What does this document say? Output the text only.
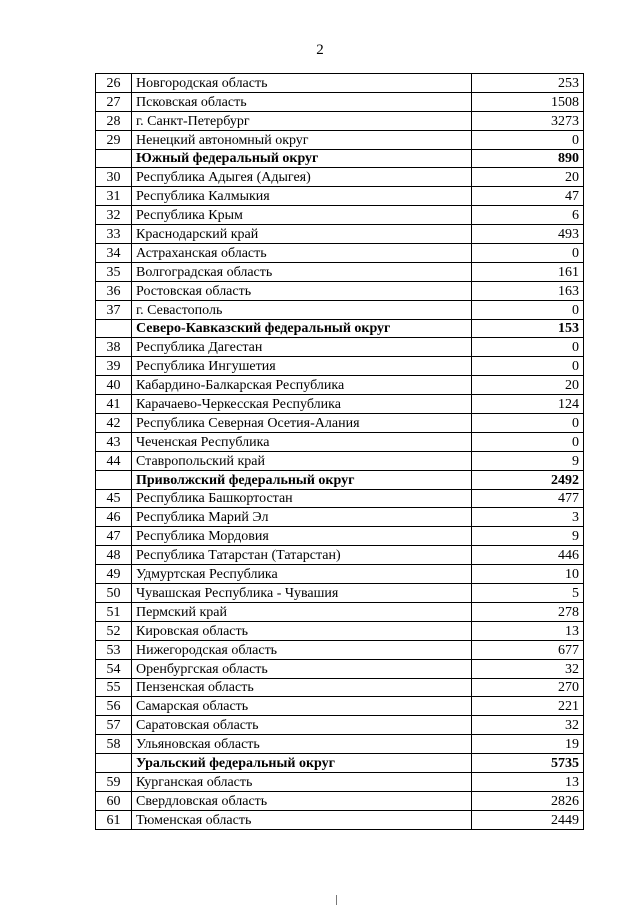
2
26	Новгородская область	253
27	Псковская область	1508
28	г. Санкт-Петербург	3273
29	Ненецкий автономный округ	0
	Южный федеральный округ	890
30	Республика Адыгея (Адыгея)	20
31	Республика Калмыкия	47
32	Республика Крым	6
33	Краснодарский край	493
34	Астраханская область	0
35	Волгоградская область	161
36	Ростовская область	163
37	г. Севастополь	0
	Северо-Кавказский федеральный округ	153
38	Республика Дагестан	0
39	Республика Ингушетия	0
40	Кабардино-Балкарская Республика	20
41	Карачаево-Черкесская Республика	124
42	Республика Северная Осетия-Алания	0
43	Чеченская Республика	0
44	Ставропольский край	9
	Приволжский федеральный округ	2492
45	Республика Башкортостан	477
46	Республика Марий Эл	3
47	Республика Мордовия	9
48	Республика Татарстан (Татарстан)	446
49	Удмуртская Республика	10
50	Чувашская Республика - Чувашия	5
51	Пермский край	278
52	Кировская область	13
53	Нижегородская область	677
54	Оренбургская область	32
55	Пензенская область	270
56	Самарская область	221
57	Саратовская область	32
58	Ульяновская область	19
	Уральский федеральный округ	5735
59	Курганская область	13
60	Свердловская область	2826
61	Тюменская область	2449
